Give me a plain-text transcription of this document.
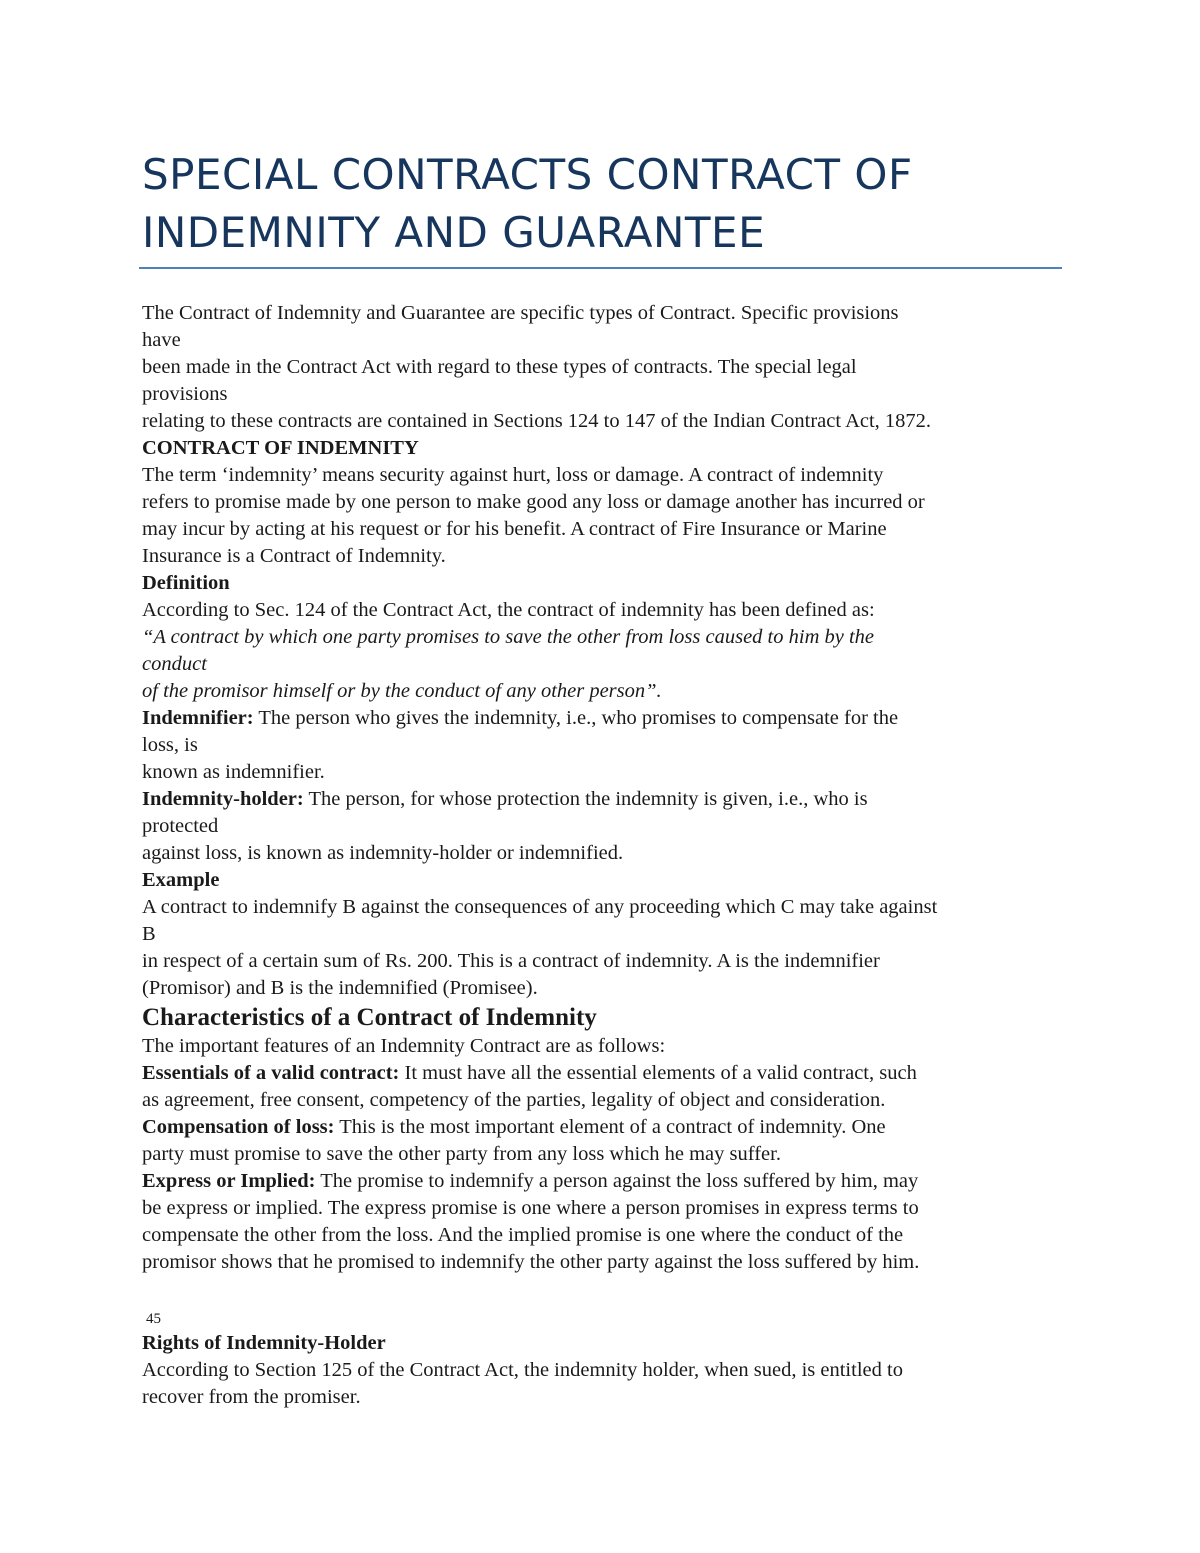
SPECIAL CONTRACTS CONTRACT OF
INDEMNITY AND GUARANTEE
The Contract of Indemnity and Guarantee are specific types of Contract. Specific provisions
have
been made in the Contract Act with regard to these types of contracts. The special legal
provisions
relating to these contracts are contained in Sections 124 to 147 of the Indian Contract Act, 1872.
CONTRACT OF INDEMNITY
The term ‘indemnity’ means security against hurt, loss or damage. A contract of indemnity
refers to promise made by one person to make good any loss or damage another has incurred or
may incur by acting at his request or for his benefit. A contract of Fire Insurance or Marine
Insurance is a Contract of Indemnity.
Definition
According to Sec. 124 of the Contract Act, the contract of indemnity has been defined as:
“A contract by which one party promises to save the other from loss caused to him by the
conduct
of the promisor himself or by the conduct of any other person”.
Indemnifier: The person who gives the indemnity, i.e., who promises to compensate for the
loss, is
known as indemnifier.
Indemnity-holder: The person, for whose protection the indemnity is given, i.e., who is
protected
against loss, is known as indemnity-holder or indemnified.
Example
A contract to indemnify B against the consequences of any proceeding which C may take against
B
in respect of a certain sum of Rs. 200. This is a contract of indemnity. A is the indemnifier
(Promisor) and B is the indemnified (Promisee).
Characteristics of a Contract of Indemnity
The important features of an Indemnity Contract are as follows:
Essentials of a valid contract: It must have all the essential elements of a valid contract, such
as agreement, free consent, competency of the parties, legality of object and consideration.
Compensation of loss: This is the most important element of a contract of indemnity. One
party must promise to save the other party from any loss which he may suffer.
Express or Implied: The promise to indemnify a person against the loss suffered by him, may
be express or implied. The express promise is one where a person promises in express terms to
compensate the other from the loss. And the implied promise is one where the conduct of the
promisor shows that he promised to indemnify the other party against the loss suffered by him.
45
Rights of Indemnity-Holder
According to Section 125 of the Contract Act, the indemnity holder, when sued, is entitled to
recover from the promiser.
